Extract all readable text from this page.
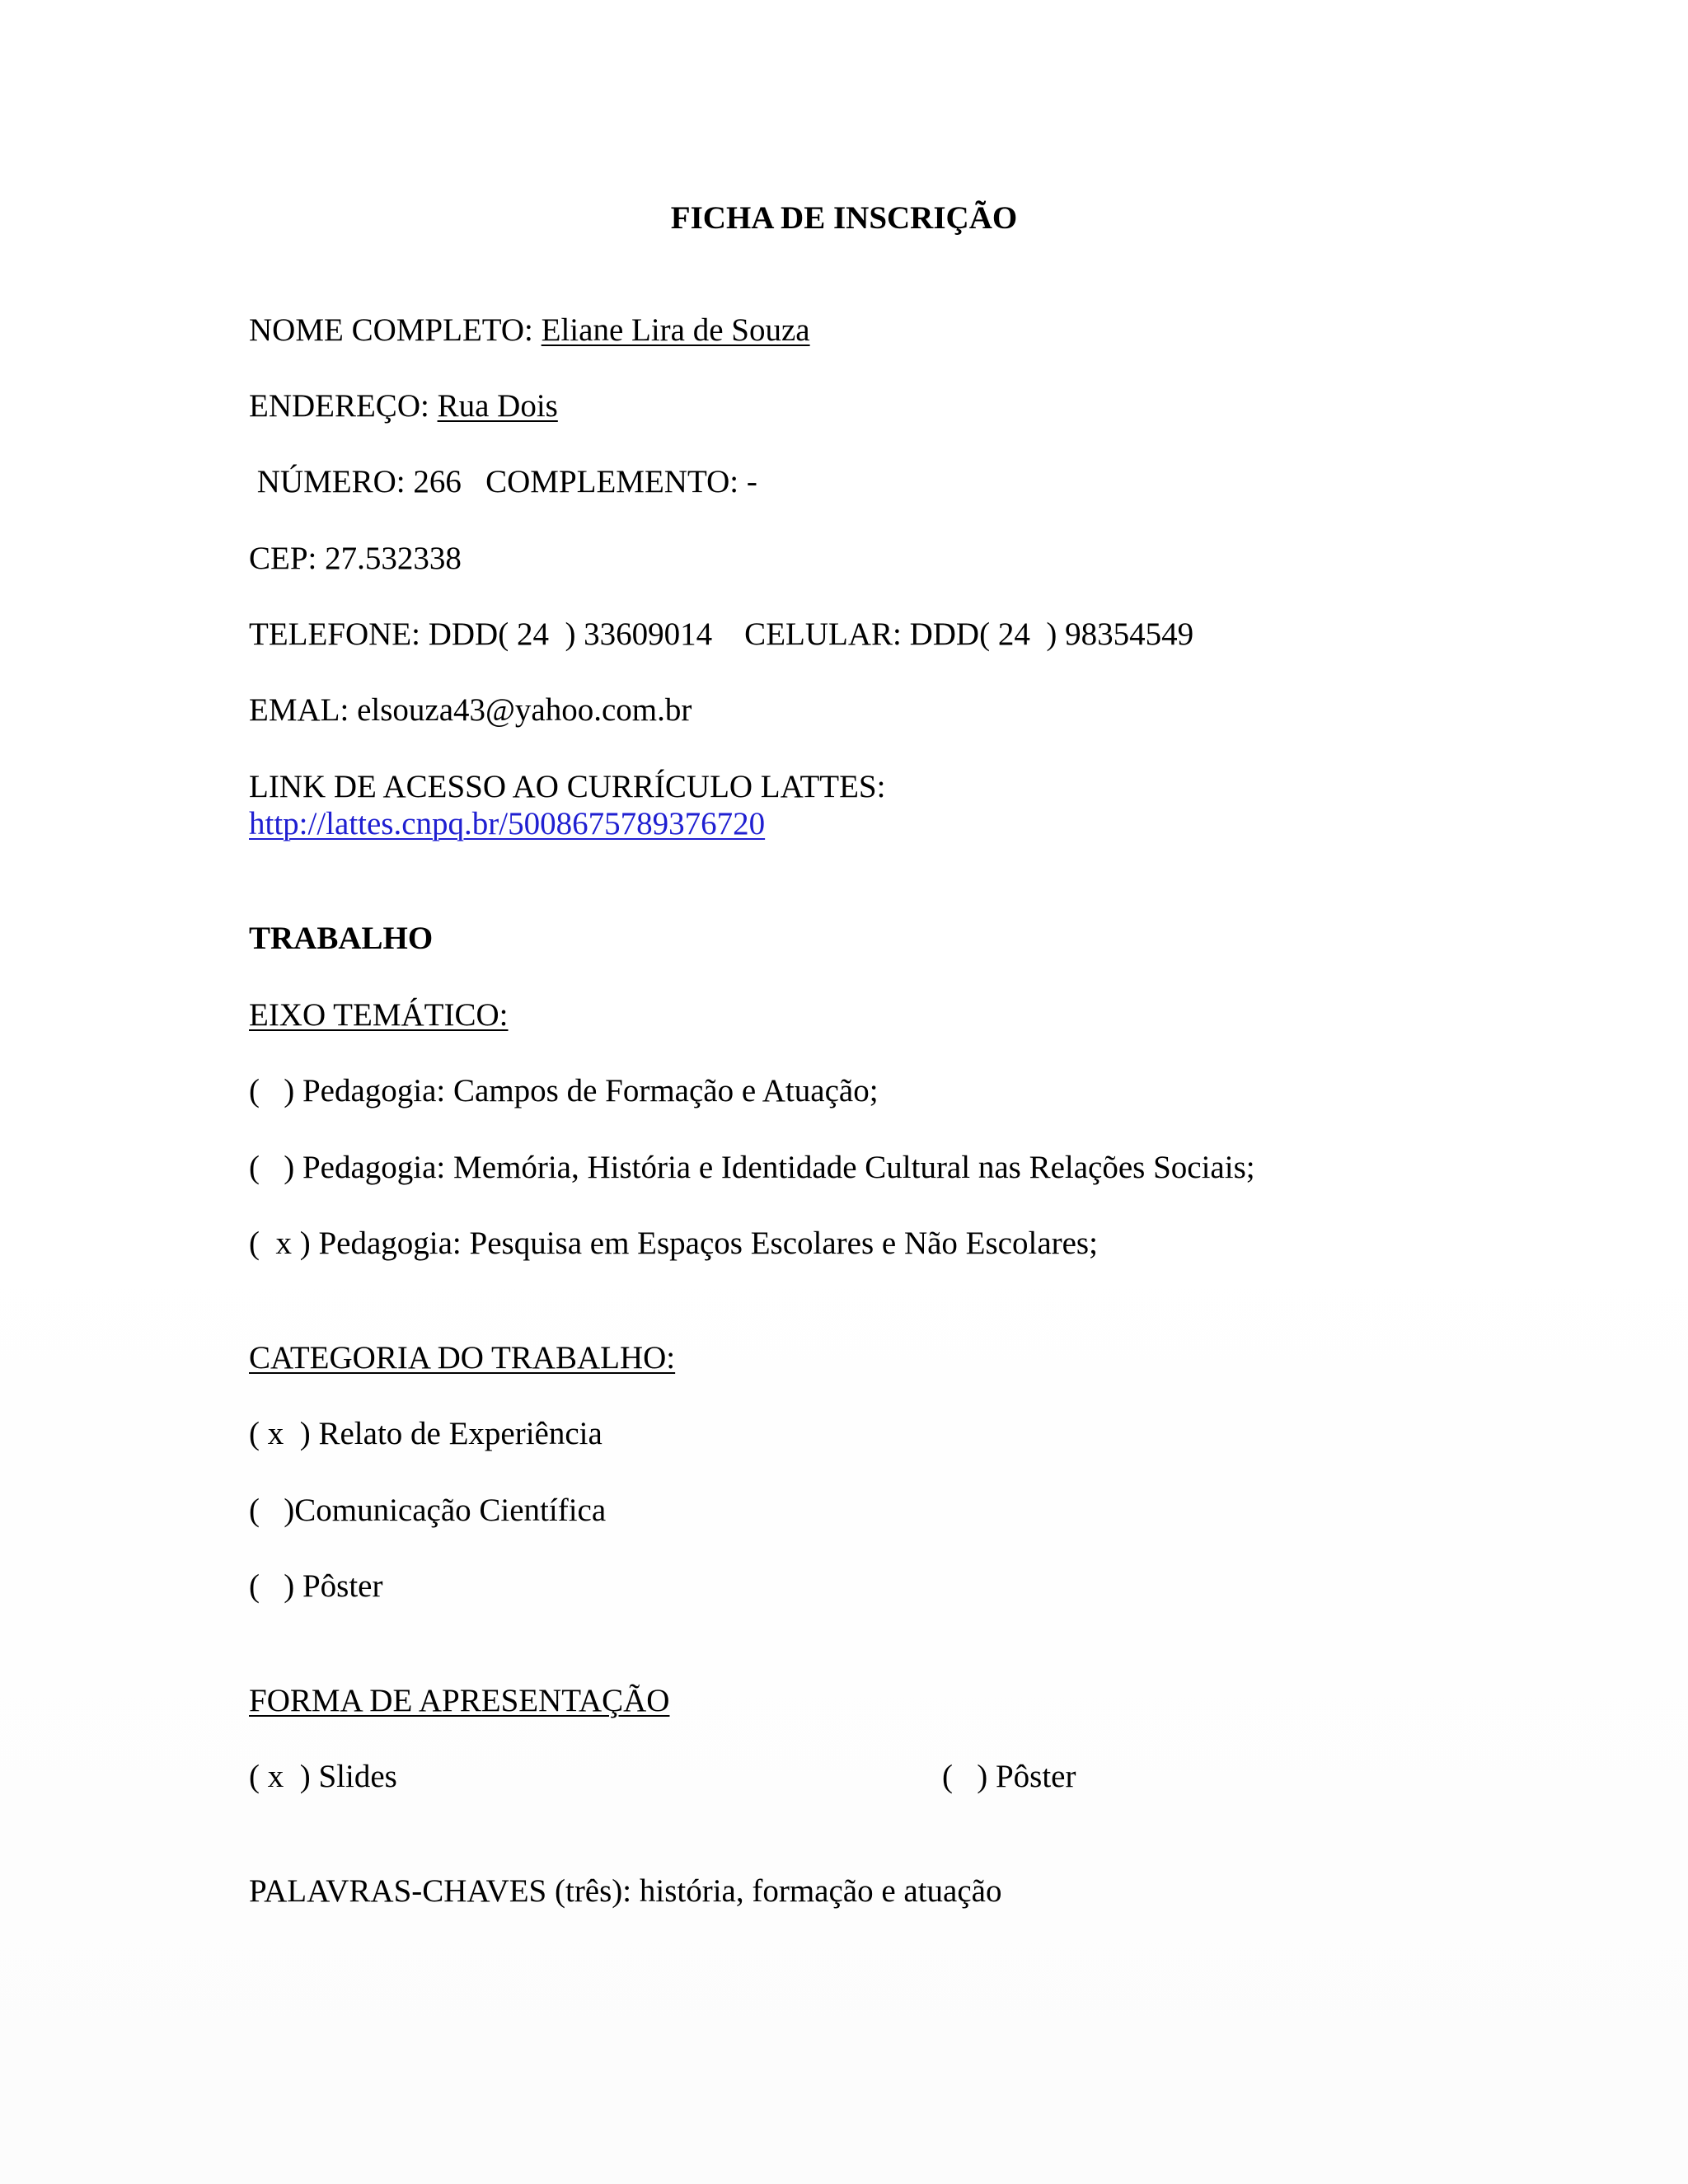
FICHA DE INSCRIÇÃO
NOME COMPLETO: Eliane Lira de Souza
ENDEREÇO: Rua Dois
NÚMERO: 266   COMPLEMENTO: -
CEP: 27.532338
TELEFONE: DDD( 24  ) 33609014    CELULAR: DDD( 24  ) 98354549
EMAL: elsouza43@yahoo.com.br
LINK DE ACESSO AO CURRÍCULO LATTES:
http://lattes.cnpq.br/5008675789376720
TRABALHO
EIXO TEMÁTICO:
(   ) Pedagogia: Campos de Formação e Atuação;
(   ) Pedagogia: Memória, História e Identidade Cultural nas Relações Sociais;
(  x ) Pedagogia: Pesquisa em Espaços Escolares e Não Escolares;
CATEGORIA DO TRABALHO:
( x  ) Relato de Experiência
(   )Comunicação Científica
(   ) Pôster
FORMA DE APRESENTAÇÃO
( x  ) Slides	(   ) Pôster
PALAVRAS-CHAVES (três): história, formação e atuação
